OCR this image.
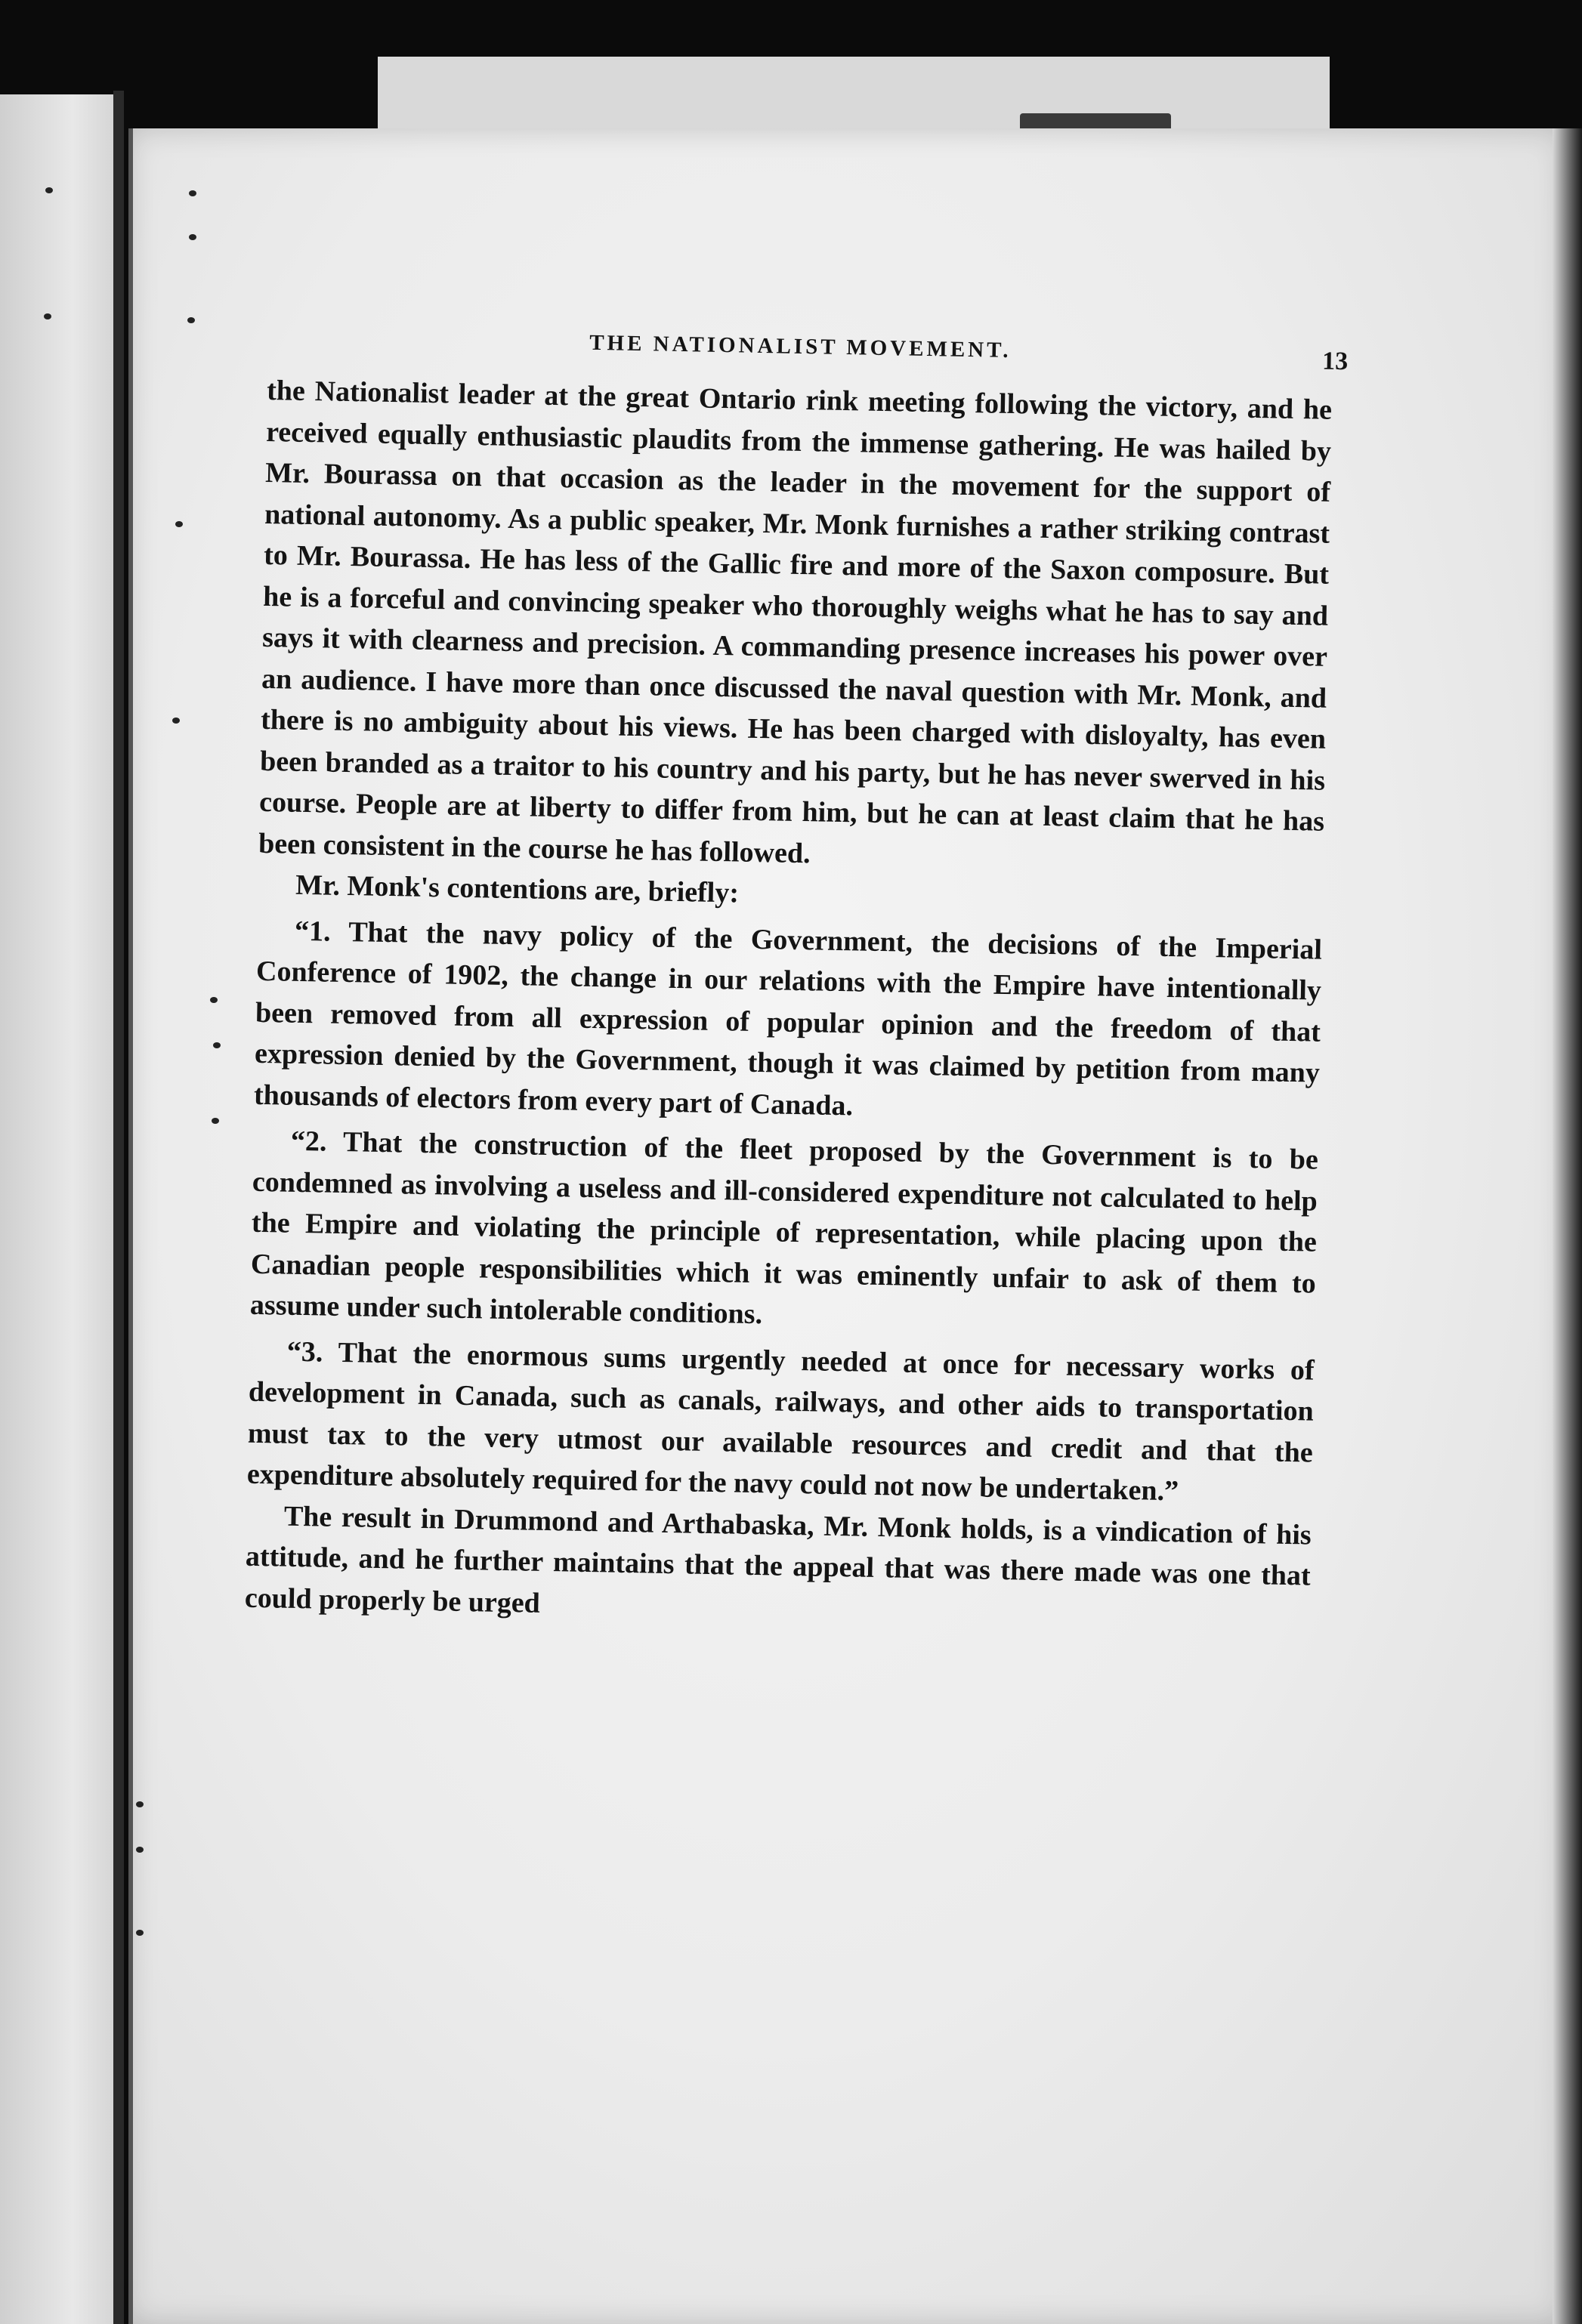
THE NATIONALIST MOVEMENT.	13

the Nationalist leader at the great Ontario rink meeting following the victory, and he received equally enthusiastic plaudits from the immense gathering. He was hailed by Mr. Bourassa on that occasion as the leader in the movement for the support of national autonomy. As a public speaker, Mr. Monk furnishes a rather striking contrast to Mr. Bourassa. He has less of the Gallic fire and more of the Saxon composure. But he is a forceful and convincing speaker who thoroughly weighs what he has to say and says it with clearness and precision. A commanding presence increases his power over an audience. I have more than once discussed the naval question with Mr. Monk, and there is no ambiguity about his views. He has been charged with disloyalty, has even been branded as a traitor to his country and his party, but he has never swerved in his course. People are at liberty to differ from him, but he can at least claim that he has been consistent in the course he has followed.

Mr. Monk's contentions are, briefly:

“1. That the navy policy of the Government, the decisions of the Imperial Conference of 1902, the change in our relations with the Empire have intentionally been removed from all expression of popular opinion and the freedom of that expression denied by the Government, though it was claimed by petition from many thousands of electors from every part of Canada.

“2. That the construction of the fleet proposed by the Government is to be condemned as involving a useless and ill-considered expenditure not calculated to help the Empire and violating the principle of representation, while placing upon the Canadian people responsibilities which it was eminently unfair to ask of them to assume under such intolerable conditions.

“3. That the enormous sums urgently needed at once for necessary works of development in Canada, such as canals, railways, and other aids to transportation must tax to the very utmost our available resources and credit and that the expenditure absolutely required for the navy could not now be undertaken.”

The result in Drummond and Arthabaska, Mr. Monk holds, is a vindication of his attitude, and he further maintains that the appeal that was there made was one that could properly be urged
